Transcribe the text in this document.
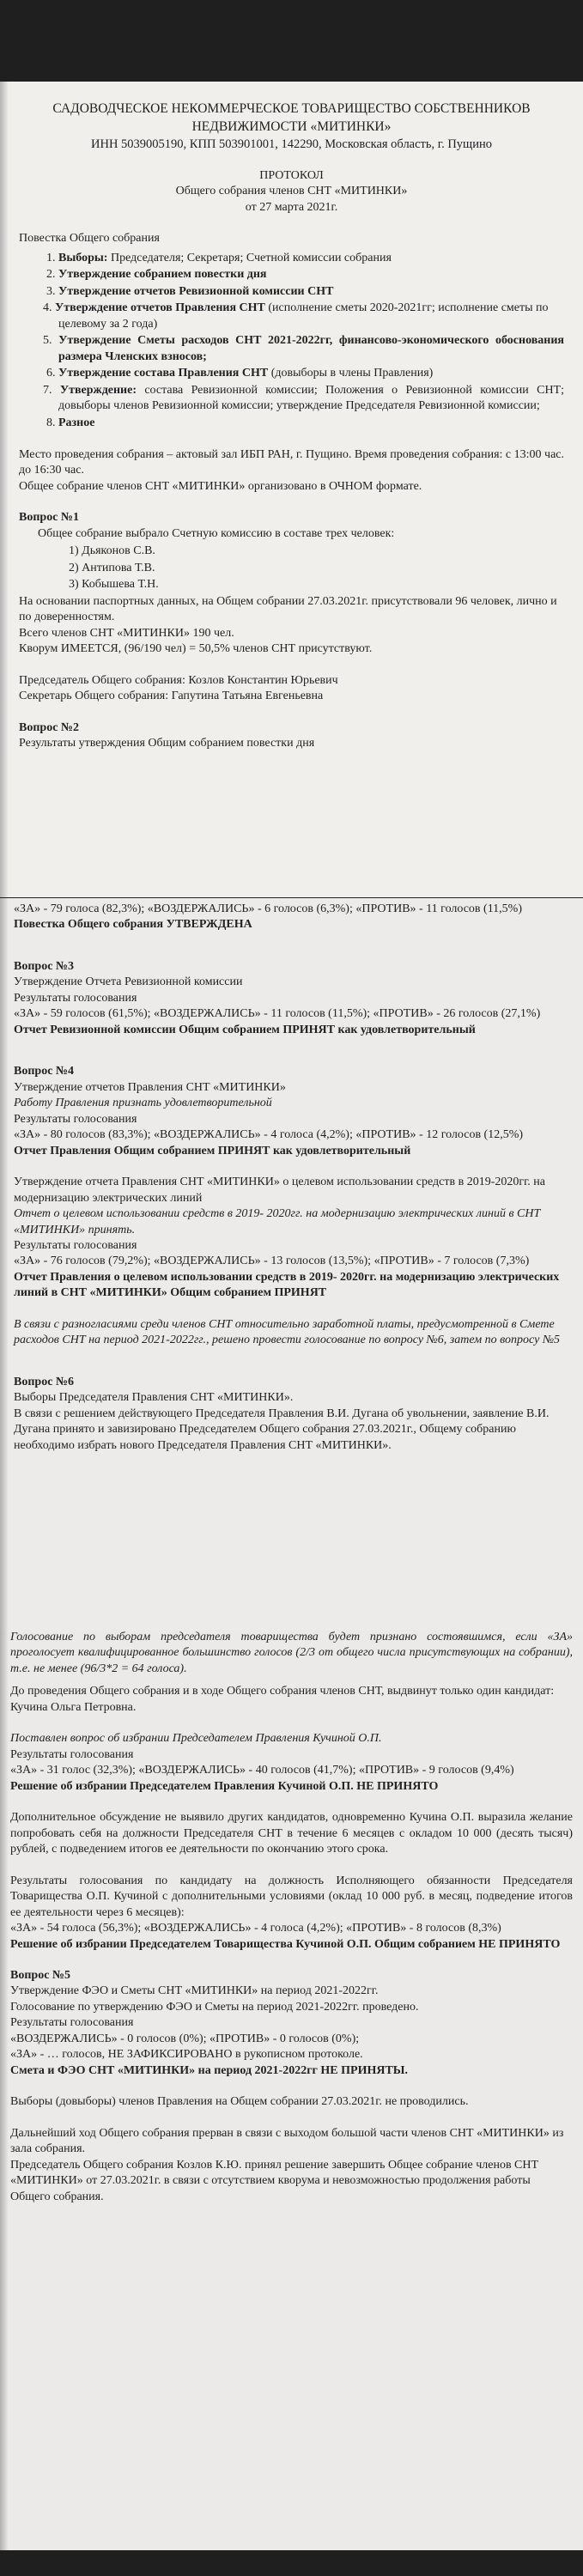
САДОВОДЧЕСКОЕ НЕКОММЕРЧЕСКОЕ ТОВАРИЩЕСТВО СОБСТВЕННИКОВ НЕДВИЖИМОСТИ «МИТИНКИ»

ИНН 5039005190, КПП 503901001, 142290, Московская область, г. Пущино

ПРОТОКОЛ

Общего собрания членов СНТ «МИТИНКИ»

от 27 марта 2021г.

Повестка Общего собрания

1. Выборы: Председателя; Секретаря; Счетной комиссии собрания
2. Утверждение собранием повестки дня
3. Утверждение отчетов Ревизионной комиссии СНТ
4. Утверждение отчетов Правления СНТ (исполнение сметы 2020-2021гг; исполнение сметы по целевому за 2 года)
5. Утверждение Сметы расходов СНТ 2021-2022гг, финансово-экономического обоснования размера Членских взносов;
6. Утверждение состава Правления СНТ (довыборы в члены Правления)
7. Утверждение: состава Ревизионной комиссии; Положения о Ревизионной комиссии СНТ; довыборы членов Ревизионной комиссии; утверждение Председателя Ревизионной комиссии;
8. Разное

Место проведения собрания – актовый зал ИБП РАН, г. Пущино. Время проведения собрания: с 13:00 час. до 16:30 час.

Общее собрание членов СНТ «МИТИНКИ» организовано в ОЧНОМ формате.

Вопрос №1

Общее собрание выбрало Счетную комиссию в составе трех человек:

1) Дьяконов С.В.
2) Антипова Т.В.
3) Кобышева Т.Н.

На основании паспортных данных, на Общем собрании 27.03.2021г. присутствовали 96 человек, лично и по доверенностям.

Всего членов СНТ «МИТИНКИ» 190 чел.

Кворум ИМЕЕТСЯ, (96/190 чел) = 50,5% членов СНТ присутствуют.

Председатель Общего собрания: Козлов Константин Юрьевич

Секретарь Общего собрания: Гапутина Татьяна Евгеньевна

Вопрос №2

Результаты утверждения Общим собранием повестки дня

«ЗА» - 79 голоса (82,3%); «ВОЗДЕРЖАЛИСЬ» - 6 голосов (6,3%); «ПРОТИВ» - 11 голосов (11,5%)

Повестка Общего собрания УТВЕРЖДЕНА

Вопрос №3

Утверждение Отчета Ревизионной комиссии

Результаты голосования

«ЗА» - 59 голосов (61,5%); «ВОЗДЕРЖАЛИСЬ» - 11 голосов (11,5%); «ПРОТИВ» - 26 голосов (27,1%)

Отчет Ревизионной комиссии Общим собранием ПРИНЯТ как удовлетворительный

Вопрос №4

Утверждение отчетов Правления СНТ «МИТИНКИ»

Работу Правления признать удовлетворительной

Результаты голосования

«ЗА» - 80 голосов (83,3%); «ВОЗДЕРЖАЛИСЬ» - 4 голоса (4,2%); «ПРОТИВ» - 12 голосов (12,5%)

Отчет Правления Общим собранием ПРИНЯТ как удовлетворительный

Утверждение отчета Правления СНТ «МИТИНКИ» о целевом использовании средств в 2019-2020гг. на модернизацию электрических линий

Отчет о целевом использовании средств в 2019- 2020гг. на модернизацию электрических линий в СНТ «МИТИНКИ» принять.

Результаты голосования

«ЗА» - 76 голосов (79,2%); «ВОЗДЕРЖАЛИСЬ» - 13 голосов (13,5%); «ПРОТИВ» - 7 голосов (7,3%)

Отчет Правления о целевом использовании средств в 2019- 2020гг. на модернизацию электрических линий в СНТ «МИТИНКИ» Общим собранием ПРИНЯТ

В связи с разногласиями среди членов СНТ относительно заработной платы, предусмотренной в Смете расходов СНТ на период 2021-2022гг., решено провести голосование по вопросу №6, затем по вопросу №5

Вопрос №6

Выборы Председателя Правления СНТ «МИТИНКИ».

В связи с решением действующего Председателя Правления В.И. Дугана об увольнении, заявление В.И. Дугана принято и завизировано Председателем Общего собрания 27.03.2021г., Общему собранию необходимо избрать нового Председателя Правления СНТ «МИТИНКИ».

Голосование по выборам председателя товарищества будет признано состоявшимся, если «ЗА» проголосует квалифицированное большинство голосов (2/3 от общего числа присутствующих на собрании), т.е. не менее (96/3*2 = 64 голоса).

До проведения Общего собрания и в ходе Общего собрания членов СНТ, выдвинут только один кандидат: Кучина Ольга Петровна.

Поставлен вопрос об избрании Председателем Правления Кучиной О.П.

Результаты голосования

«ЗА» - 31 голос (32,3%); «ВОЗДЕРЖАЛИСЬ» - 40 голосов (41,7%); «ПРОТИВ» - 9 голосов (9,4%)

Решение об избрании Председателем Правления Кучиной О.П. НЕ ПРИНЯТО

Дополнительное обсуждение не выявило других кандидатов, одновременно Кучина О.П. выразила желание попробовать себя на должности Председателя СНТ в течение 6 месяцев с окладом 10 000 (десять тысяч) рублей, с подведением итогов ее деятельности по окончанию этого срока.

Результаты голосования по кандидату на должность Исполняющего обязанности Председателя Товарищества О.П. Кучиной с дополнительными условиями (оклад 10 000 руб. в месяц, подведение итогов ее деятельности через 6 месяцев):

«ЗА» - 54 голоса (56,3%); «ВОЗДЕРЖАЛИСЬ» - 4 голоса (4,2%); «ПРОТИВ» - 8 голосов (8,3%)

Решение об избрании Председателем Товарищества Кучиной О.П. Общим собранием НЕ ПРИНЯТО

Вопрос №5

Утверждение ФЭО и Сметы СНТ «МИТИНКИ» на период 2021-2022гг.

Голосование по утверждению ФЭО и Сметы на период 2021-2022гг. проведено.

Результаты голосования

«ВОЗДЕРЖАЛИСЬ» - 0 голосов (0%); «ПРОТИВ» - 0 голосов (0%);

«ЗА» - … голосов, НЕ ЗАФИКСИРОВАНО в рукописном протоколе.

Смета и ФЭО СНТ «МИТИНКИ» на период 2021-2022гг НЕ ПРИНЯТЫ.

Выборы (довыборы) членов Правления на Общем собрании 27.03.2021г. не проводились.

Дальнейший ход Общего собрания прерван в связи с выходом большой части членов СНТ «МИТИНКИ» из зала собрания.

Председатель Общего собрания Козлов К.Ю. принял решение завершить Общее собрание членов СНТ «МИТИНКИ» от 27.03.2021г. в связи с отсутствием кворума и невозможностью продолжения работы Общего собрания.
